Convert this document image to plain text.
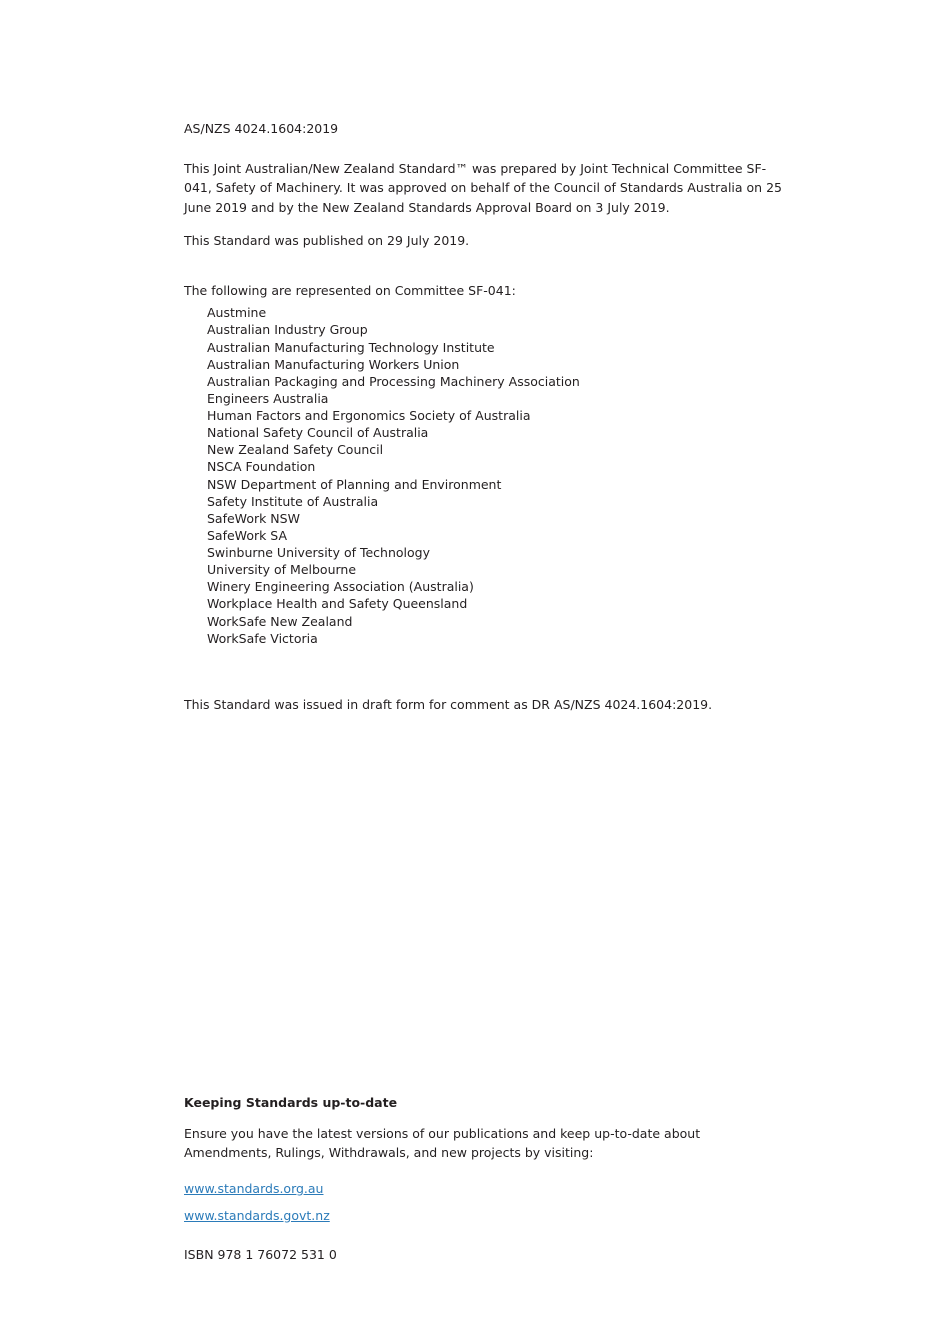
AS/NZS 4024.1604:2019

This Joint Australian/New Zealand Standard™ was prepared by Joint Technical Committee SF-041, Safety of Machinery. It was approved on behalf of the Council of Standards Australia on 25 June 2019 and by the New Zealand Standards Approval Board on 3 July 2019.

This Standard was published on 29 July 2019.

The following are represented on Committee SF-041:

Austmine
Australian Industry Group
Australian Manufacturing Technology Institute
Australian Manufacturing Workers Union
Australian Packaging and Processing Machinery Association
Engineers Australia
Human Factors and Ergonomics Society of Australia
National Safety Council of Australia
New Zealand Safety Council
NSCA Foundation
NSW Department of Planning and Environment
Safety Institute of Australia
SafeWork NSW
SafeWork SA
Swinburne University of Technology
University of Melbourne
Winery Engineering Association (Australia)
Workplace Health and Safety Queensland
WorkSafe New Zealand
WorkSafe Victoria

This Standard was issued in draft form for comment as DR AS/NZS 4024.1604:2019.

Keeping Standards up-to-date

Ensure you have the latest versions of our publications and keep up-to-date about Amendments, Rulings, Withdrawals, and new projects by visiting:

www.standards.org.au
www.standards.govt.nz

ISBN 978 1 76072 531 0
